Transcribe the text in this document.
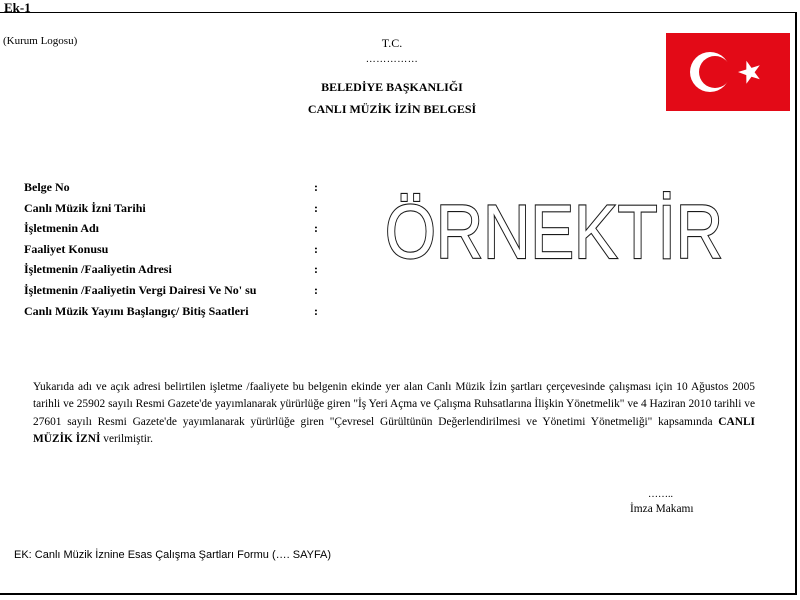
Ek-1
(Kurum Logosu)	T.C.
……………
BELEDİYE BAŞKANLIĞI
CANLI MÜZİK İZİN BELGESİ
Belge No	:
Canlı Müzik İzni Tarihi	:
İşletmenin Adı	:
Faaliyet Konusu	:
İşletmenin /Faaliyetin Adresi	:
İşletmenin /Faaliyetin Vergi Dairesi Ve No' su	:
Canlı Müzik Yayını Başlangıç/ Bitiş Saatleri	:
ÖRNEKTİR
Yukarıda adı ve açık adresi belirtilen işletme /faaliyete bu belgenin ekinde yer alan Canlı Müzik İzin şartları çerçevesinde çalışması için 10 Ağustos 2005 tarihli ve 25902 sayılı Resmi Gazete'de yayımlanarak yürürlüğe giren "İş Yeri Açma ve Çalışma Ruhsatlarına İlişkin Yönetmelik" ve 4 Haziran 2010 tarihli ve 27601 sayılı Resmi Gazete'de yayımlanarak yürürlüğe giren "Çevresel Gürültünün Değerlendirilmesi ve Yönetimi Yönetmeliği" kapsamında CANLI MÜZİK İZNİ verilmiştir.
……..
İmza Makamı
EK: Canlı Müzik İznine Esas Çalışma Şartları Formu (…. SAYFA)
